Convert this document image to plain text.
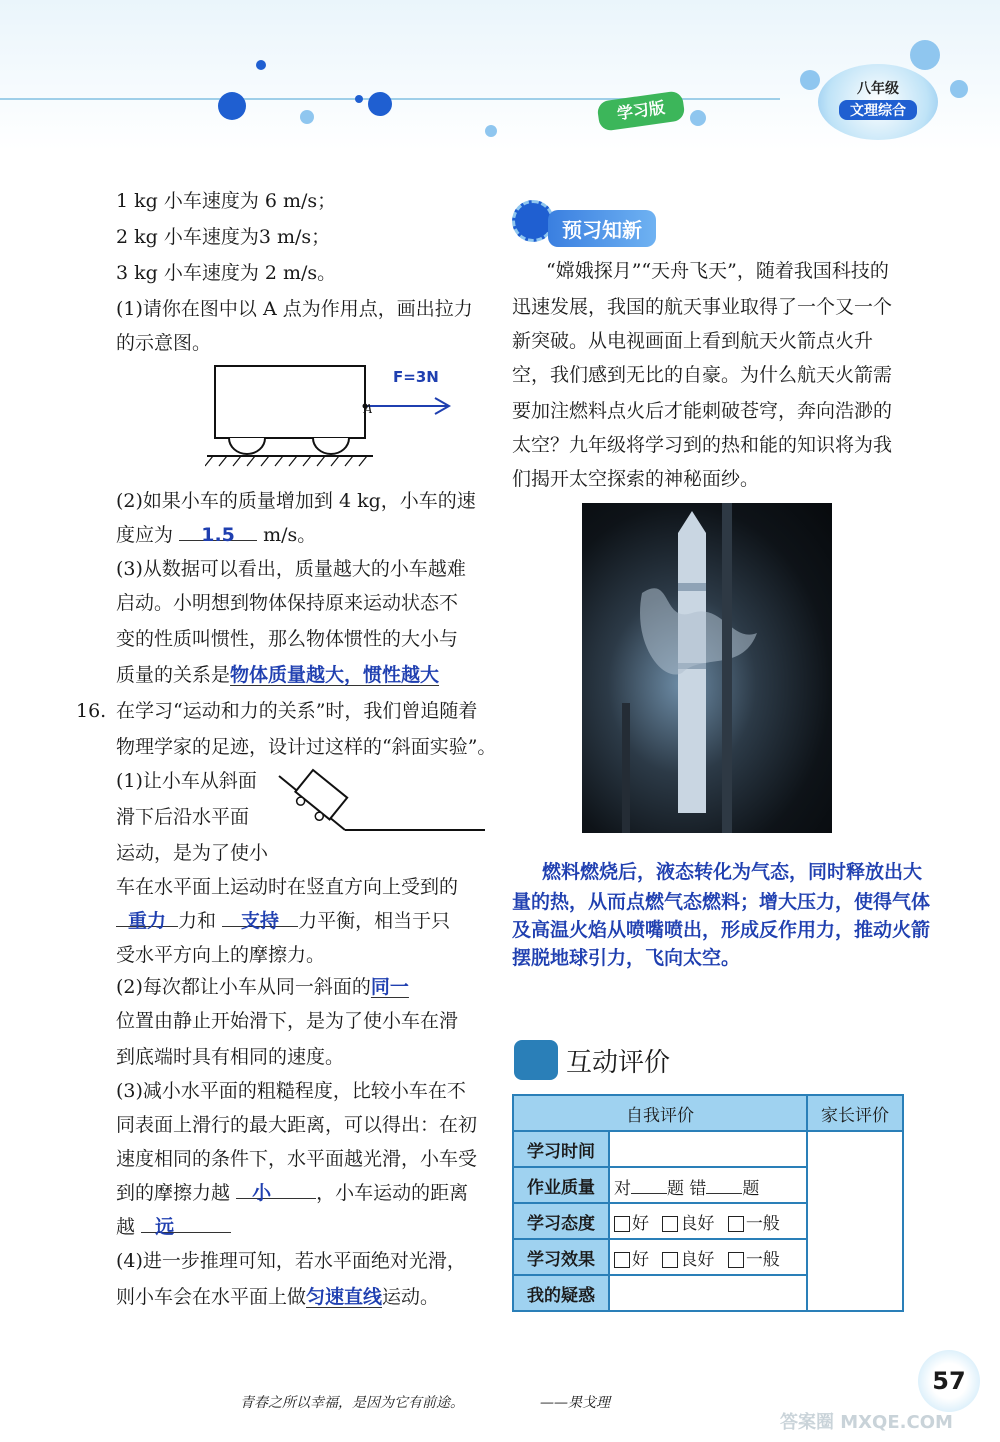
学习版
八年级
文理综合
1 kg 小车速度为 6 m/s；
2 kg 小车速度为3 m/s；
3 kg 小车速度为 2 m/s。
(1)请你在图中以 A 点为作用点，画出拉力
的示意图。
F=3N
A
(2)如果小车的质量增加到 4 kg，小车的速
度应为 1.5 m/s。
(3)从数据可以看出，质量越大的小车越难
启动。小明想到物体保持原来运动状态不
变的性质叫惯性，那么物体惯性的大小与
质量的关系是物体质量越大，惯性越大
16. 在学习“运动和力的关系”时，我们曾追随着
物理学家的足迹，设计过这样的“斜面实验”。
(1)让小车从斜面
滑下后沿水平面
运动，是为了使小
车在水平面上运动时在竖直方向上受到的
重力 力和 支持 力平衡，相当于只
受水平方向上的摩擦力。
(2)每次都让小车从同一斜面的同一
位置由静止开始滑下，是为了使小车在滑
到底端时具有相同的速度。
(3)减小水平面的粗糙程度，比较小车在不
同表面上滑行的最大距离，可以得出：在初
速度相同的条件下，水平面越光滑，小车受
到的摩擦力越 小 ，小车运动的距离
越 远
(4)进一步推理可知，若水平面绝对光滑，
则小车会在水平面上做匀速直线运动。
预习知新
“嫦娥探月”“天舟飞天”，随着我国科技的
迅速发展，我国的航天事业取得了一个又一个
新突破。从电视画面上看到航天火箭点火升
空，我们感到无比的自豪。为什么航天火箭需
要加注燃料点火后才能刺破苍穹，奔向浩渺的
太空？九年级将学习到的热和能的知识将为我
们揭开太空探索的神秘面纱。
燃料燃烧后，液态转化为气态，同时释放出大
量的热，从而点燃气态燃料；增大压力，使得气体
及高温火焰从喷嘴喷出，形成反作用力，推动火箭
摆脱地球引力，飞向太空。
互动评价
自我评价		家长评价
学习时间		
作业质量	对 题 错 题	
学习态度	好 良好 一般	
学习效果	好 良好 一般	
我的疑惑		
青春之所以幸福，是因为它有前途。	——果戈理
57
答案圈 MXQE.COM
